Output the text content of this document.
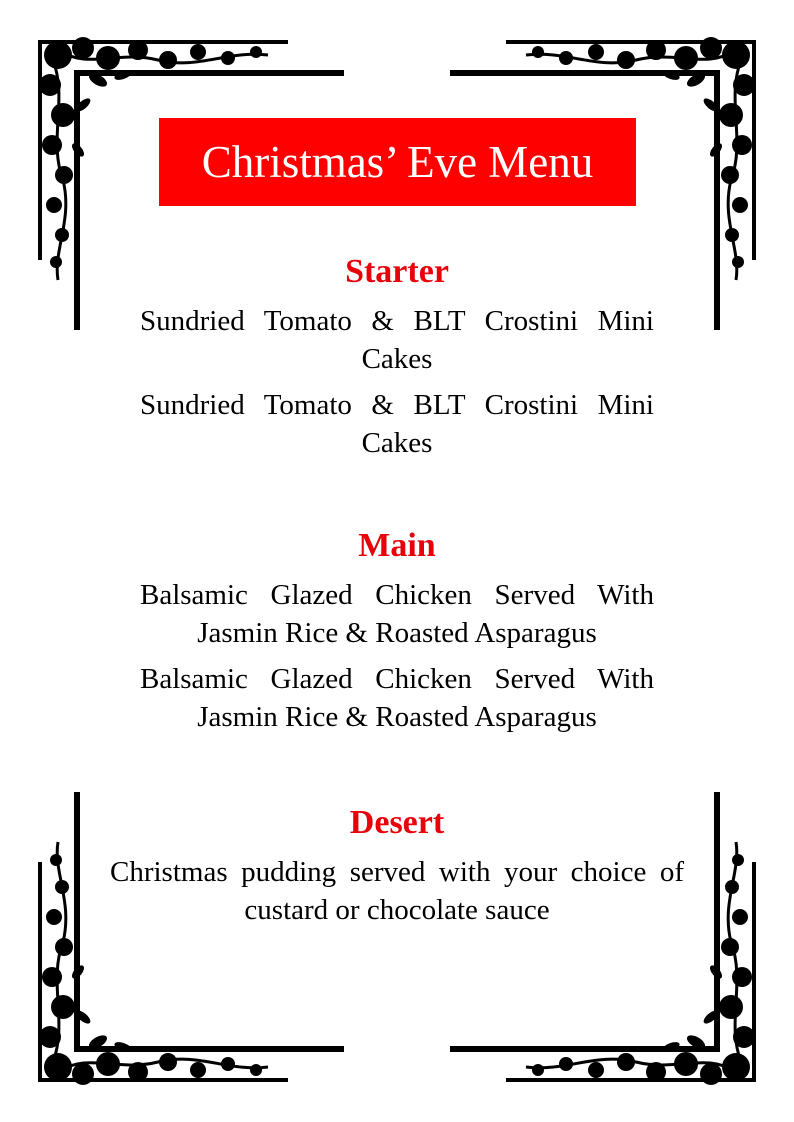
Christmas’ Eve Menu
Starter
Sundried Tomato & BLT Crostini Mini Cakes
Sundried Tomato & BLT Crostini Mini Cakes
Main
Balsamic Glazed Chicken Served With Jasmin Rice & Roasted Asparagus
Balsamic Glazed Chicken Served With Jasmin Rice & Roasted Asparagus
Desert
Christmas pudding served with your choice of custard or chocolate sauce
